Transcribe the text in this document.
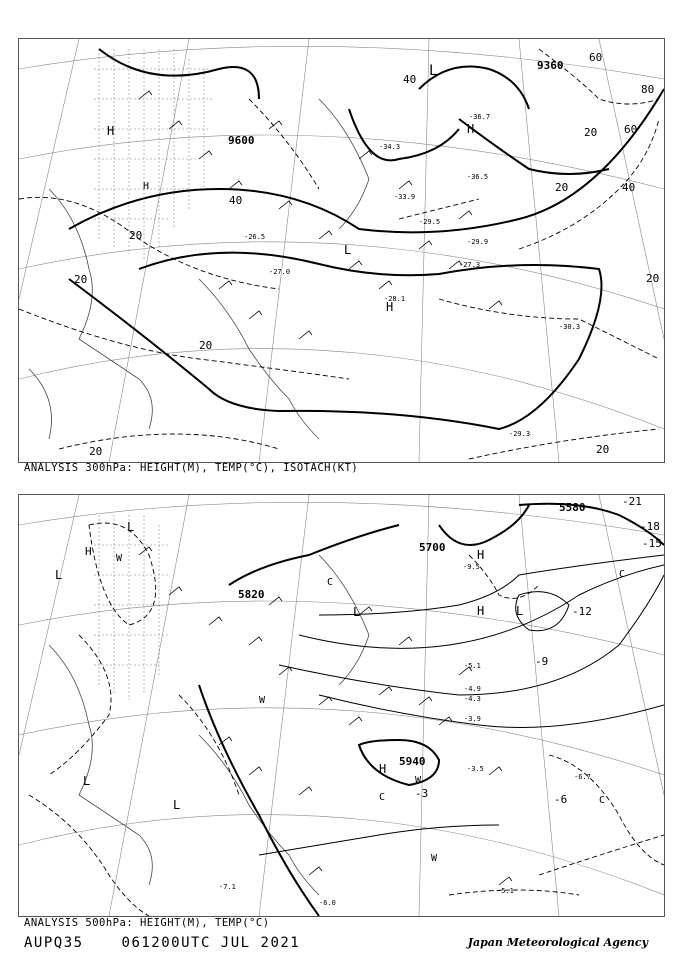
9360
9600
20
20
20
20
40
40
40
60
60
80
20
20
20
20
H	H
L
L
H
H
-36.5
-36.7
-34.3
-33.9
-29.9
-29.5
-27.3
-28.1
-30.3
-29.3
-27.0
-26.5
ANALYSIS 300hPa: HEIGHT(M), TEMP(°C), ISOTACH(KT)
5580
5700
5820
5940
-12
-9
-6
-3
-15
-18
-21
L
L
L
L
H
H
H
H
L
L
W
W
W
W
C
C	C
C
-4.3
-3.9
-4.9
-5.1
-3.5
-6.7
-5.1
-7.1
-6.0
-9.5
ANALYSIS 500hPa: HEIGHT(M), TEMP(°C)
AUPQ35	061200UTC JUL 2021	Japan Meteorological Agency
